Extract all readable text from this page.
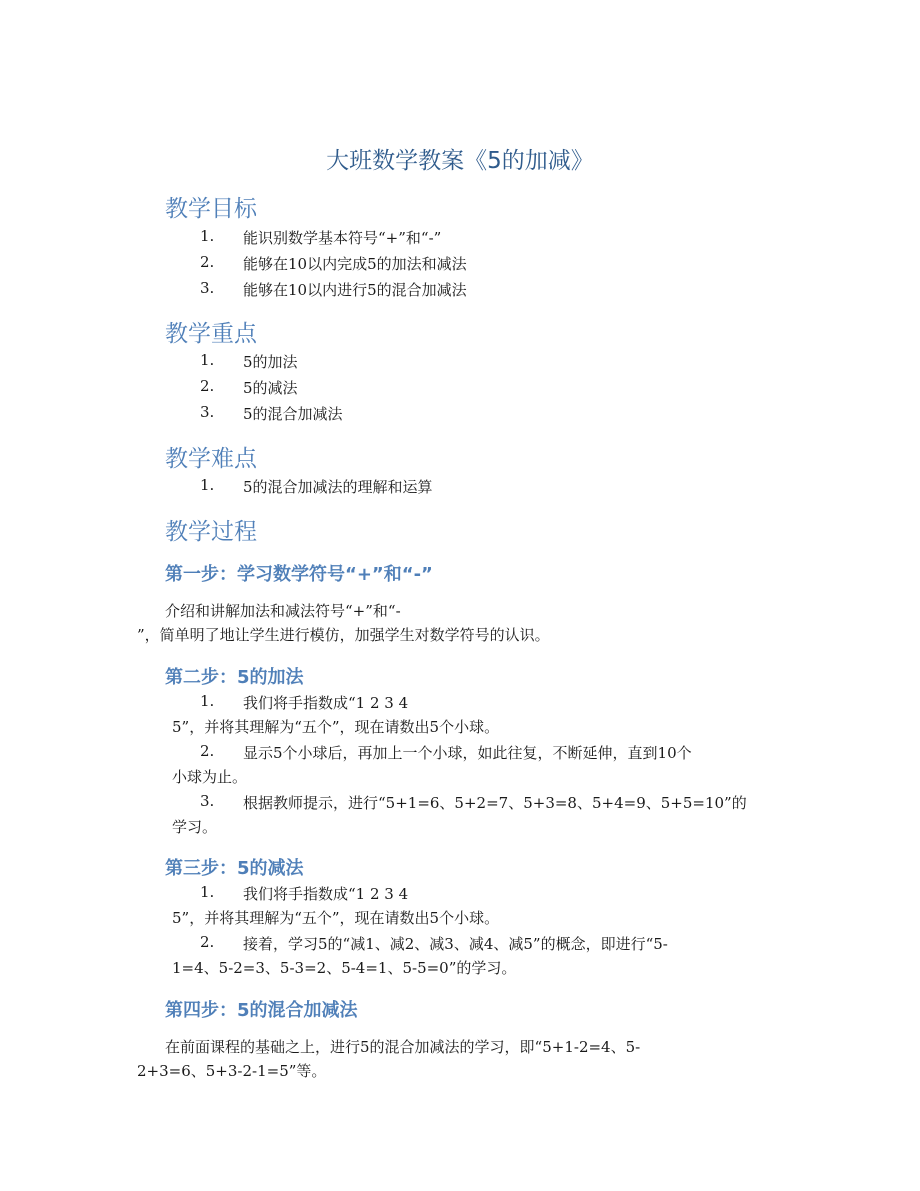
大班数学教案《5的加减》
教学目标
1.	能识别数学基本符号“+”和“-”
2.	能够在10以内完成5的加法和减法
3.	能够在10以内进行5的混合加减法
教学重点
1.	5的加法
2.	5的减法
3.	5的混合加减法
教学难点
1.	5的混合加减法的理解和运算
教学过程
第一步：学习数学符号“+”和“-”
介绍和讲解加法和减法符号“+”和“-
”，简单明了地让学生进行模仿，加强学生对数学符号的认识。
第二步：5的加法
1.	我们将手指数成“1 2 3 4
5”，并将其理解为“五个”，现在请数出5个小球。
2.	显示5个小球后，再加上一个小球，如此往复，不断延伸，直到10个
小球为止。
3.	根据教师提示，进行“5+1=6、5+2=7、5+3=8、5+4=9、5+5=10”的
学习。
第三步：5的减法
1.	我们将手指数成“1 2 3 4
5”，并将其理解为“五个”，现在请数出5个小球。
2.	接着，学习5的“减1、减2、减3、减4、减5”的概念，即进行“5-
1=4、5-2=3、5-3=2、5-4=1、5-5=0”的学习。
第四步：5的混合加减法
在前面课程的基础之上，进行5的混合加减法的学习，即“5+1-2=4、5-
2+3=6、5+3-2-1=5”等。
